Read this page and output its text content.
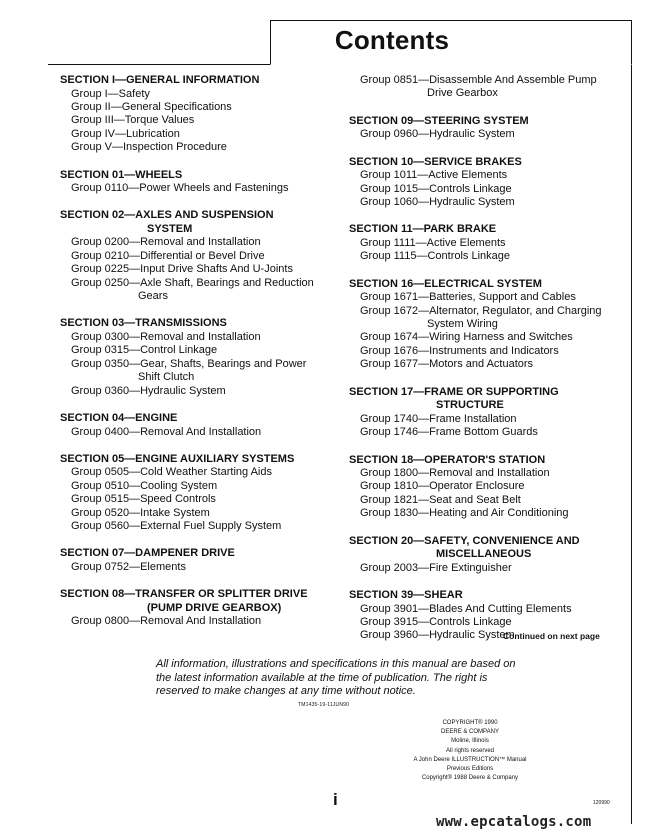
Contents
SECTION I—GENERAL INFORMATION
Group I—Safety
Group II—General Specifications
Group III—Torque Values
Group IV—Lubrication
Group V—Inspection Procedure
SECTION 01—WHEELS
Group 0110—Power Wheels and Fastenings
SECTION 02—AXLES AND SUSPENSION
SYSTEM
Group 0200—Removal and Installation
Group 0210—Differential or Bevel Drive
Group 0225—Input Drive Shafts And U-Joints
Group 0250—Axle Shaft, Bearings and Reduction
Gears
SECTION 03—TRANSMISSIONS
Group 0300—Removal and Installation
Group 0315—Control Linkage
Group 0350—Gear, Shafts, Bearings and Power
Shift Clutch
Group 0360—Hydraulic System
SECTION 04—ENGINE
Group 0400—Removal And Installation
SECTION 05—ENGINE AUXILIARY SYSTEMS
Group 0505—Cold Weather Starting Aids
Group 0510—Cooling System
Group 0515—Speed Controls
Group 0520—Intake System
Group 0560—External Fuel Supply System
SECTION 07—DAMPENER DRIVE
Group 0752—Elements
SECTION 08—TRANSFER OR SPLITTER DRIVE
(PUMP DRIVE GEARBOX)
Group 0800—Removal And Installation
Group 0851—Disassemble And Assemble Pump
Drive Gearbox
SECTION 09—STEERING SYSTEM
Group 0960—Hydraulic System
SECTION 10—SERVICE BRAKES
Group 1011—Active Elements
Group 1015—Controls Linkage
Group 1060—Hydraulic System
SECTION 11—PARK BRAKE
Group 1111—Active Elements
Group 1115—Controls Linkage
SECTION 16—ELECTRICAL SYSTEM
Group 1671—Batteries, Support and Cables
Group 1672—Alternator, Regulator, and Charging
System Wiring
Group 1674—Wiring Harness and Switches
Group 1676—Instruments and Indicators
Group 1677—Motors and Actuators
SECTION 17—FRAME OR SUPPORTING
STRUCTURE
Group 1740—Frame Installation
Group 1746—Frame Bottom Guards
SECTION 18—OPERATOR'S STATION
Group 1800—Removal and Installation
Group 1810—Operator Enclosure
Group 1821—Seat and Seat Belt
Group 1830—Heating and Air Conditioning
SECTION 20—SAFETY, CONVENIENCE AND
MISCELLANEOUS
Group 2003—Fire Extinguisher
SECTION 39—SHEAR
Group 3901—Blades And Cutting Elements
Group 3915—Controls Linkage
Group 3960—Hydraulic System
Continued on next page
All information, illustrations and specifications in this manual are based on
the latest information available at the time of publication. The right is
reserved to make changes at any time without notice.
TM1435-19-11JUN90
COPYRIGHT® 1990
DEERE & COMPANY
Moline, Illinois
All rights reserved
A John Deere ILLUSTRUCTION™ Manual
Previous Editions
Copyright® 1988 Deere & Company
i	120990
www.epcatalogs.com
